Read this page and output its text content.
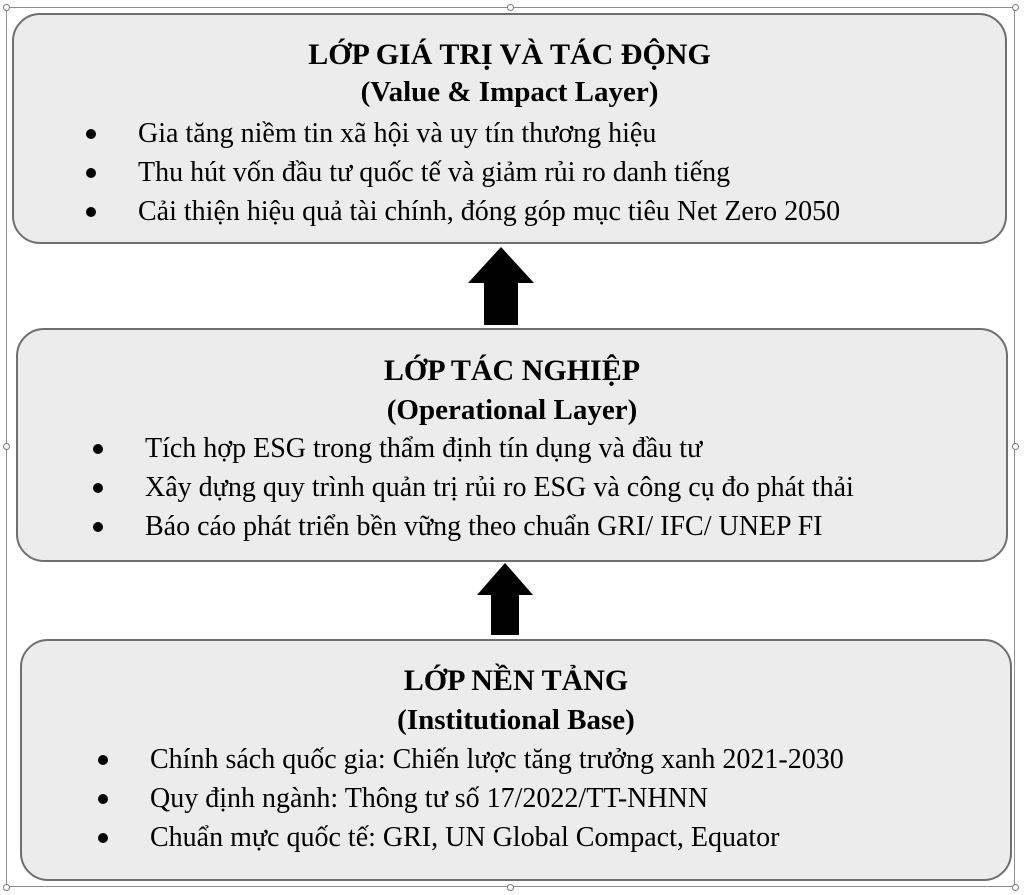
LỚP GIÁ TRỊ VÀ TÁC ĐỘNG
(Value & Impact Layer)
Gia tăng niềm tin xã hội và uy tín thương hiệu
Thu hút vốn đầu tư quốc tế và giảm rủi ro danh tiếng
Cải thiện hiệu quả tài chính, đóng góp mục tiêu Net Zero 2050
LỚP TÁC NGHIỆP
(Operational Layer)
Tích hợp ESG trong thẩm định tín dụng và đầu tư
Xây dựng quy trình quản trị rủi ro ESG và công cụ đo phát thải
Báo cáo phát triển bền vững theo chuẩn GRI/ IFC/ UNEP FI
LỚP NỀN TẢNG
(Institutional Base)
Chính sách quốc gia: Chiến lược tăng trưởng xanh 2021-2030
Quy định ngành: Thông tư số 17/2022/TT-NHNN
Chuẩn mực quốc tế: GRI, UN Global Compact, Equator
